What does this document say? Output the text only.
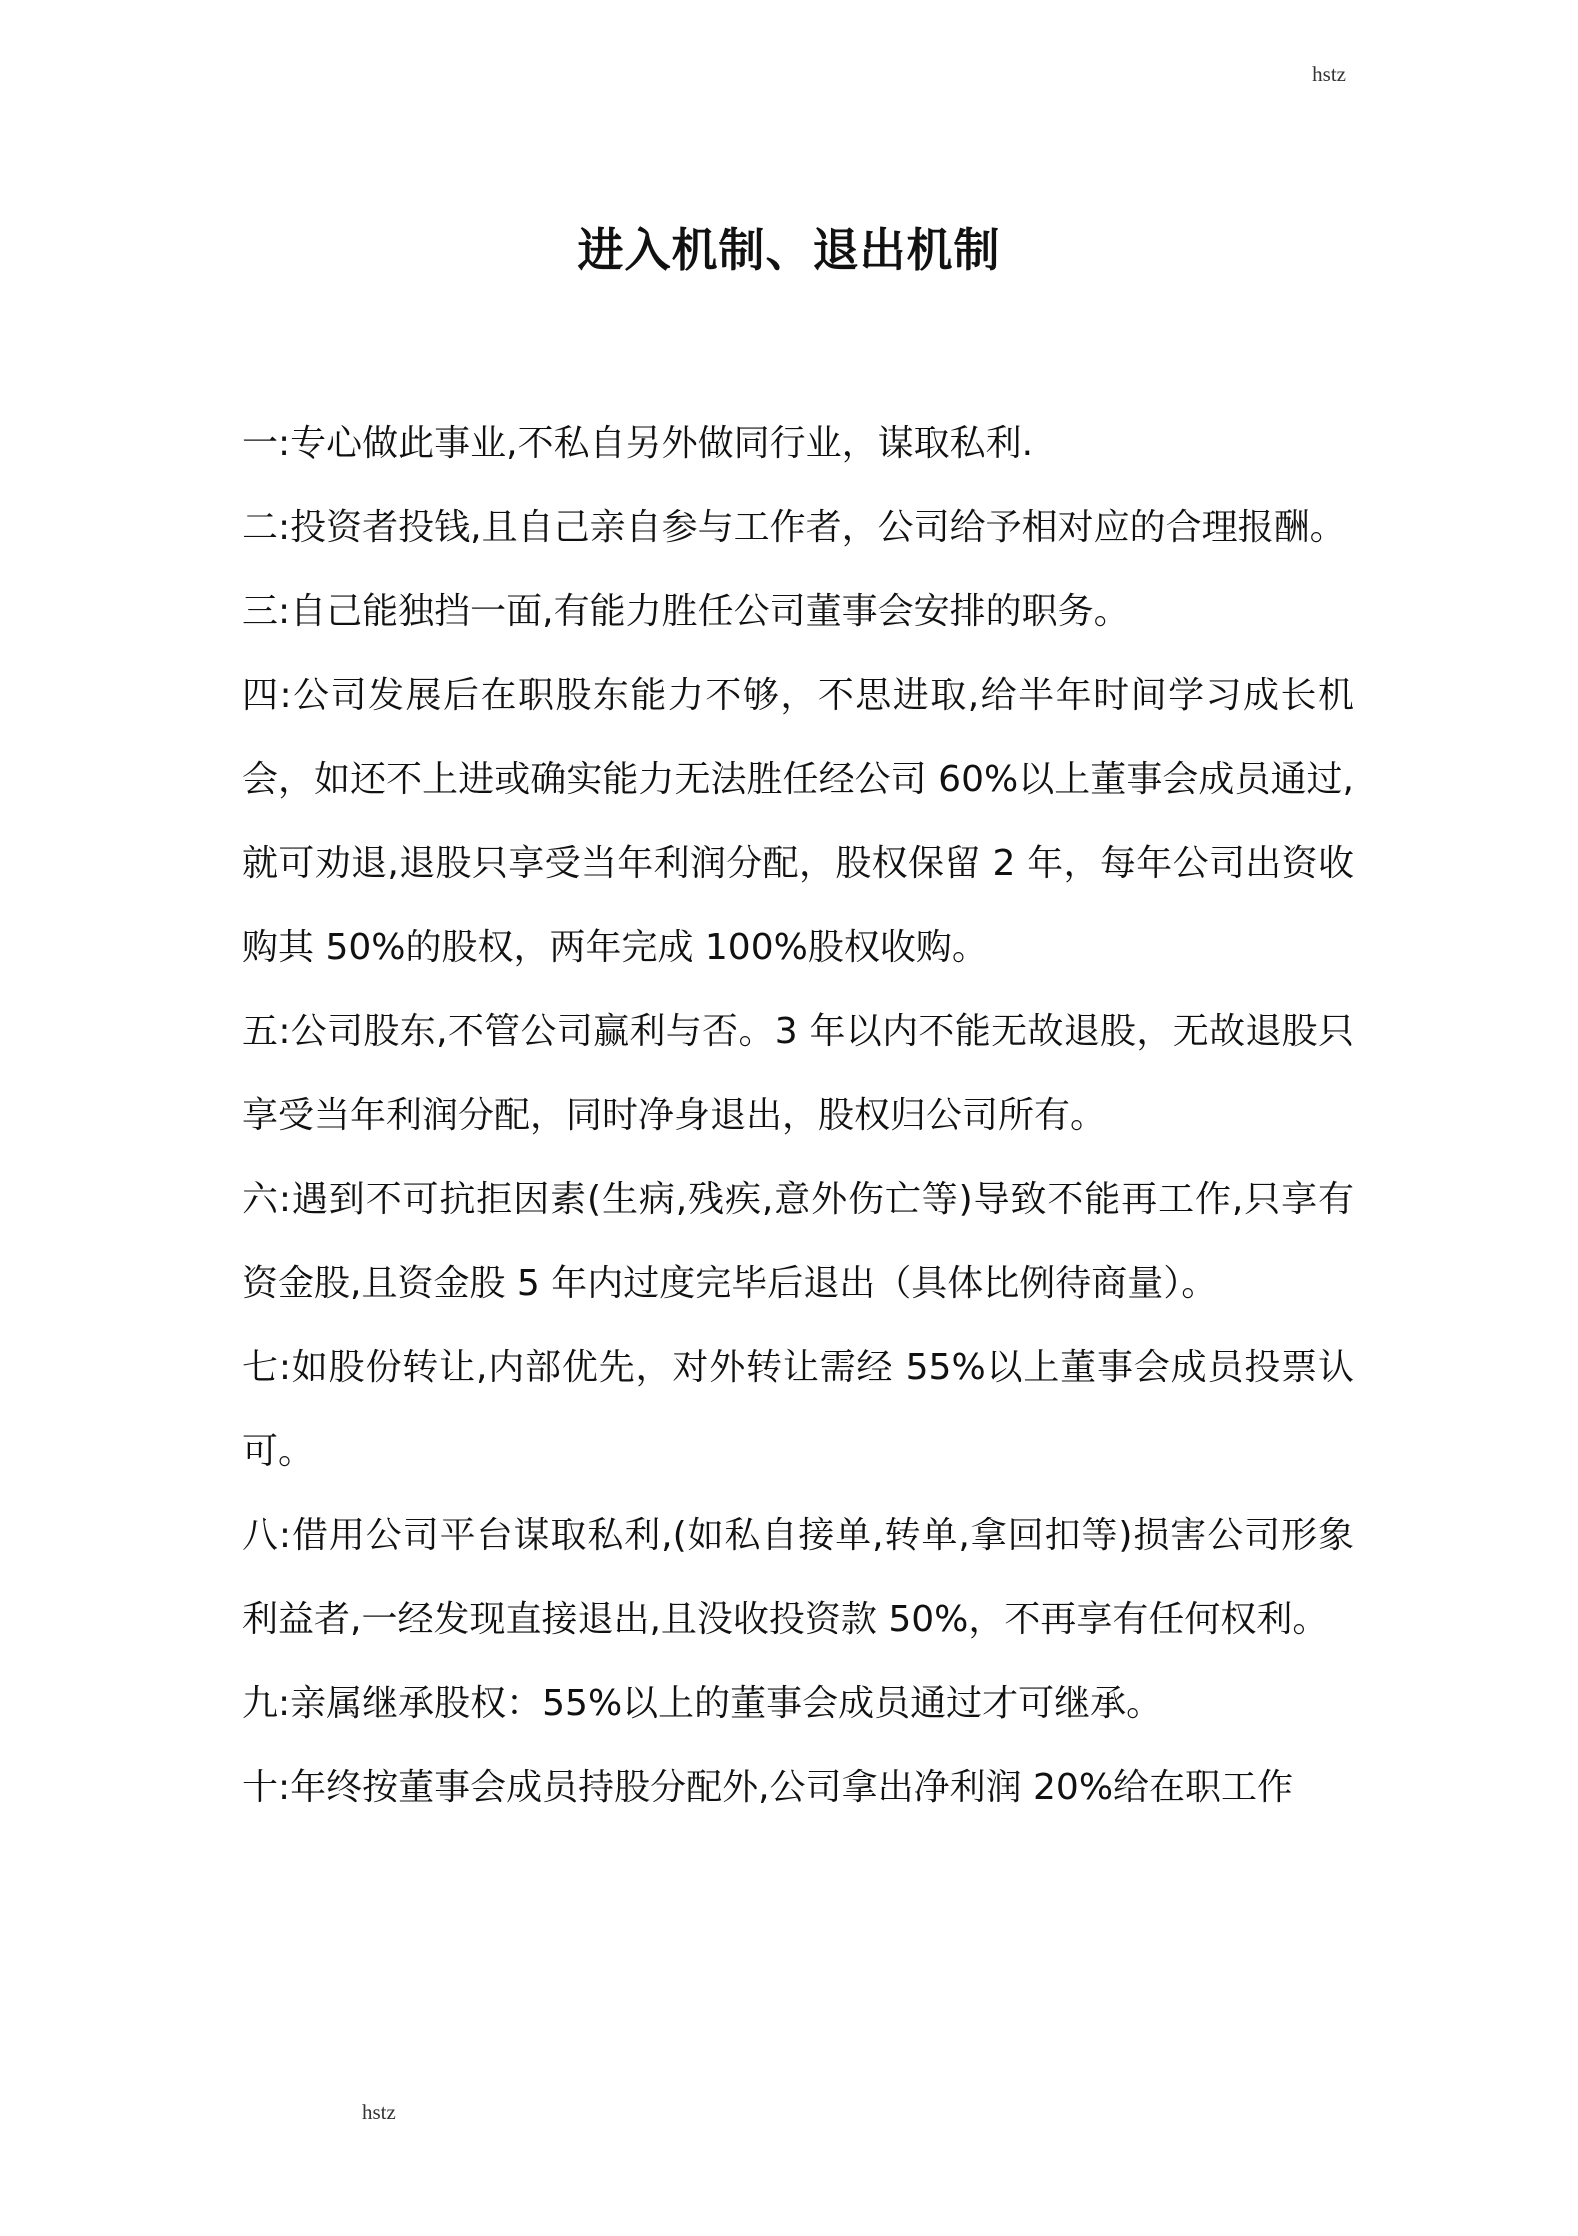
hstz
进入机制、退出机制
一:专心做此事业,不私自另外做同行业，谋取私利.
二:投资者投钱,且自己亲自参与工作者，公司给予相对应的合理报酬。
三:自己能独挡一面,有能力胜任公司董事会安排的职务。
四:公司发展后在职股东能力不够，不思进取,给半年时间学习成长机会，如还不上进或确实能力无法胜任经公司 60%以上董事会成员通过,就可劝退,退股只享受当年利润分配，股权保留 2 年，每年公司出资收购其 50%的股权，两年完成 100%股权收购。
五:公司股东,不管公司赢利与否。3 年以内不能无故退股，无故退股只享受当年利润分配，同时净身退出，股权归公司所有。
六:遇到不可抗拒因素(生病,残疾,意外伤亡等)导致不能再工作,只享有资金股,且资金股 5 年内过度完毕后退出（具体比例待商量）。
七:如股份转让,内部优先，对外转让需经 55%以上董事会成员投票认可。
八:借用公司平台谋取私利,(如私自接单,转单,拿回扣等)损害公司形象利益者,一经发现直接退出,且没收投资款 50%，不再享有任何权利。
九:亲属继承股权：55%以上的董事会成员通过才可继承。
十:年终按董事会成员持股分配外,公司拿出净利润 20%给在职工作
hstz
